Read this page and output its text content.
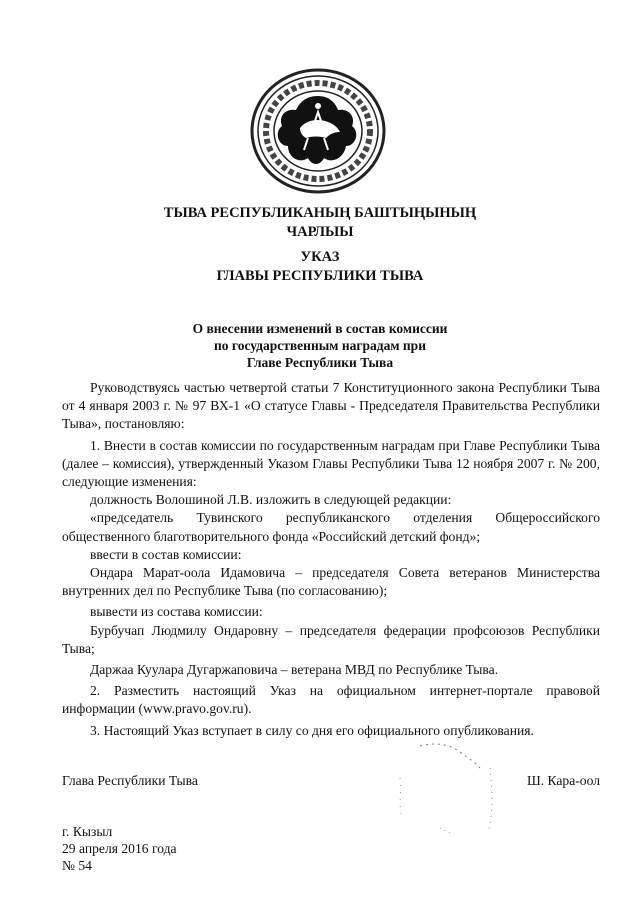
ТЫВА РЕСПУБЛИКАНЫҢ БАШТЫҢЫНЫҢ
ЧАРЛЫЫ
УКАЗ
ГЛАВЫ РЕСПУБЛИКИ ТЫВА
О внесении изменений в состав комиссии
по государственным наградам при
Главе Республики Тыва

Руководствуясь частью четвертой статьи 7 Конституционного закона Республики Тыва от 4 января 2003 г. № 97 ВХ-1 «О статусе Главы - Председателя Правительства Республики Тыва», постановляю:

1. Внести в состав комиссии по государственным наградам при Главе Республики Тыва (далее – комиссия), утвержденный Указом Главы Республики Тыва 12 ноября 2007 г. № 200, следующие изменения:

должность Волошиной Л.В. изложить в следующей редакции:

«председатель Тувинского республиканского отделения Общероссийского общественного благотворительного фонда «Российский детский фонд»;

ввести в состав комиссии:

Ондара Марат-оола Идамовича – председателя Совета ветеранов Министерства внутренних дел по Республике Тыва (по согласованию);

вывести из состава комиссии:

Бурбучап Людмилу Ондаровну – председателя федерации профсоюзов Республики Тыва;

Даржаа Куулара Дугаржаповича – ветерана МВД по Республике Тыва.

2. Разместить настоящий Указ на официальном интернет-портале правовой информации (www.pravo.gov.ru).

3. Настоящий Указ вступает в силу со дня его официального опубликования.

Глава Республики Тыва	Ш. Кара-оол
г. Кызыл
29 апреля 2016 года
№ 54
